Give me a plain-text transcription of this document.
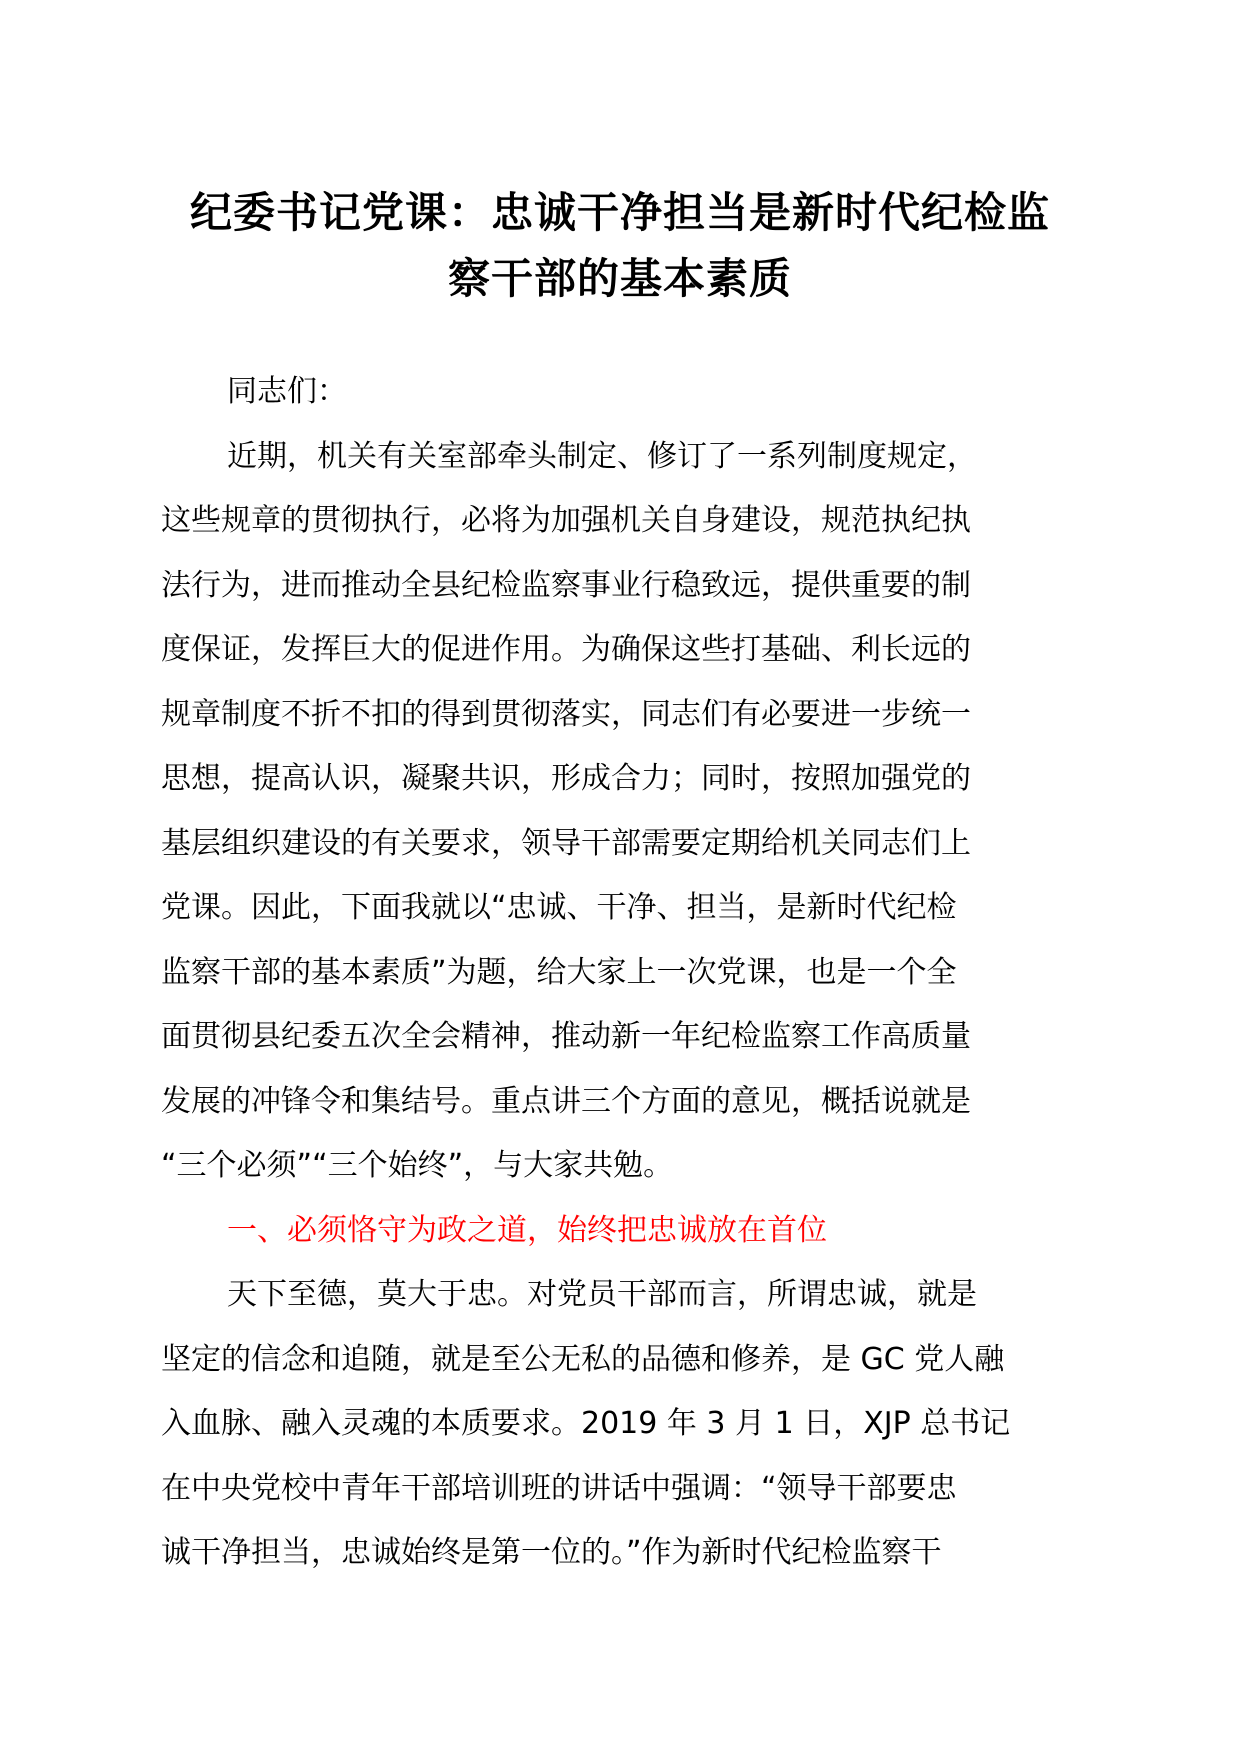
纪委书记党课：忠诚干净担当是新时代纪检监
察干部的基本素质
同志们：
近期，机关有关室部牵头制定、修订了一系列制度规定，
这些规章的贯彻执行，必将为加强机关自身建设，规范执纪执
法行为，进而推动全县纪检监察事业行稳致远，提供重要的制
度保证，发挥巨大的促进作用。为确保这些打基础、利长远的
规章制度不折不扣的得到贯彻落实，同志们有必要进一步统一
思想，提高认识，凝聚共识，形成合力；同时，按照加强党的
基层组织建设的有关要求，领导干部需要定期给机关同志们上
党课。因此，下面我就以“忠诚、干净、担当，是新时代纪检
监察干部的基本素质”为题，给大家上一次党课，也是一个全
面贯彻县纪委五次全会精神，推动新一年纪检监察工作高质量
发展的冲锋令和集结号。重点讲三个方面的意见，概括说就是
“三个必须”“三个始终”，与大家共勉。
一、必须恪守为政之道，始终把忠诚放在首位
天下至德，莫大于忠。对党员干部而言，所谓忠诚，就是
坚定的信念和追随，就是至公无私的品德和修养，是 GC 党人融
入血脉、融入灵魂的本质要求。2019 年 3 月 1 日，XJP 总书记
在中央党校中青年干部培训班的讲话中强调：“领导干部要忠
诚干净担当，忠诚始终是第一位的。”作为新时代纪检监察干
